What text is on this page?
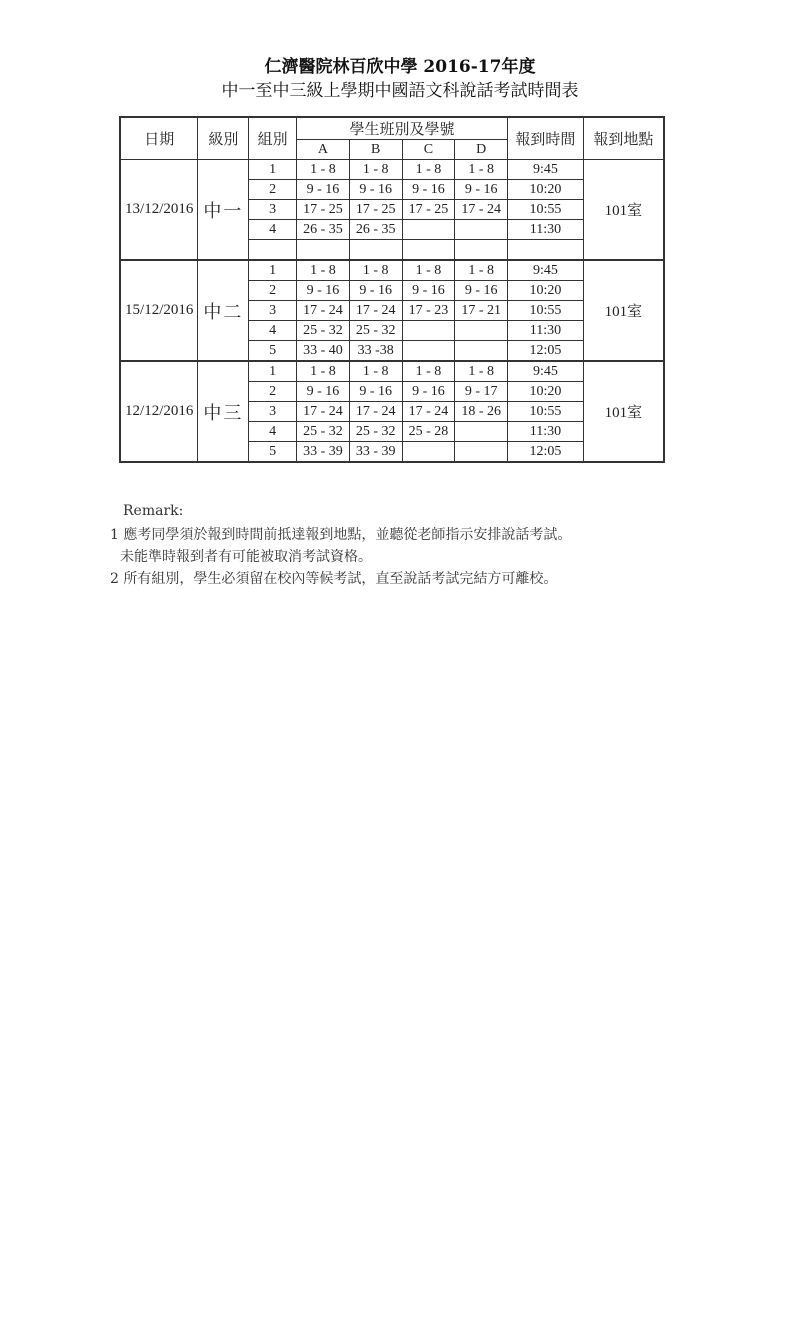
仁濟醫院林百欣中學 2016-17年度
中一至中三級上學期中國語文科說話考試時間表
日期	級別	組別	學生班別及學號				報到時間	報到地點
			A	B	C	D		
13/12/2016	中一	1	1 - 8	1 - 8	1 - 8	1 - 8	9:45	101室
		2	9 - 16	9 - 16	9 - 16	9 - 16	10:20	
		3	17 - 25	17 - 25	17 - 25	17 - 24	10:55	
		4	26 - 35	26 - 35			11:30	

15/12/2016	中二	1	1 - 8	1 - 8	1 - 8	1 - 8	9:45	101室
		2	9 - 16	9 - 16	9 - 16	9 - 16	10:20	
		3	17 - 24	17 - 24	17 - 23	17 - 21	10:55	
		4	25 - 32	25 - 32			11:30	
		5	33 - 40	33 -38			12:05	
12/12/2016	中三	1	1 - 8	1 - 8	1 - 8	1 - 8	9:45	101室
		2	9 - 16	9 - 16	9 - 16	9 - 17	10:20	
		3	17 - 24	17 - 24	17 - 24	18 - 26	10:55	
		4	25 - 32	25 - 32	25 - 28		11:30	
		5	33 - 39	33 - 39			12:05	
Remark:
1 應考同學須於報到時間前抵達報到地點，並聽從老師指示安排說話考試。
未能準時報到者有可能被取消考試資格。
2 所有組別，學生必須留在校內等候考試，直至說話考試完結方可離校。
